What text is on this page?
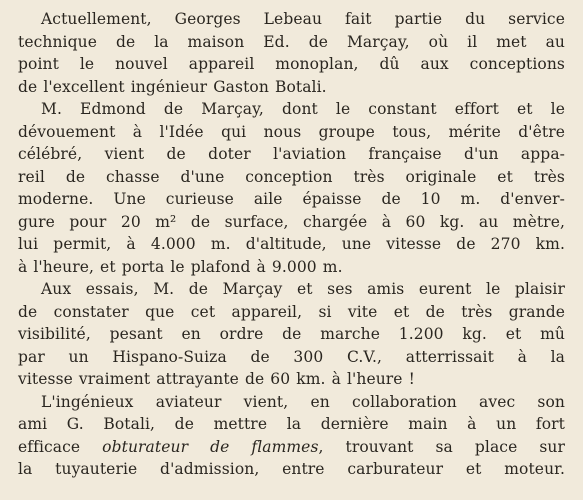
Actuellement, Georges Lebeau fait partie du service
technique de la maison Ed. de Marçay, où il met au
point le nouvel appareil monoplan, dû aux conceptions
de l'excellent ingénieur Gaston Botali.
M. Edmond de Marçay, dont le constant effort et le
dévouement à l'Idée qui nous groupe tous, mérite d'être
célébré, vient de doter l'aviation française d'un appa-
reil de chasse d'une conception très originale et très
moderne. Une curieuse aile épaisse de 10 m. d'enver-
gure pour 20 m² de surface, chargée à 60 kg. au mètre,
lui permit, à 4.000 m. d'altitude, une vitesse de 270 km.
à l'heure, et porta le plafond à 9.000 m.
Aux essais, M. de Marçay et ses amis eurent le plaisir
de constater que cet appareil, si vite et de très grande
visibilité, pesant en ordre de marche 1.200 kg. et mû
par un Hispano-Suiza de 300 C.V., atterrissait à la
vitesse vraiment attrayante de 60 km. à l'heure !
L'ingénieux aviateur vient, en collaboration avec son
ami G. Botali, de mettre la dernière main à un fort
efficace obturateur de flammes, trouvant sa place sur
la tuyauterie d'admission, entre carburateur et moteur.
